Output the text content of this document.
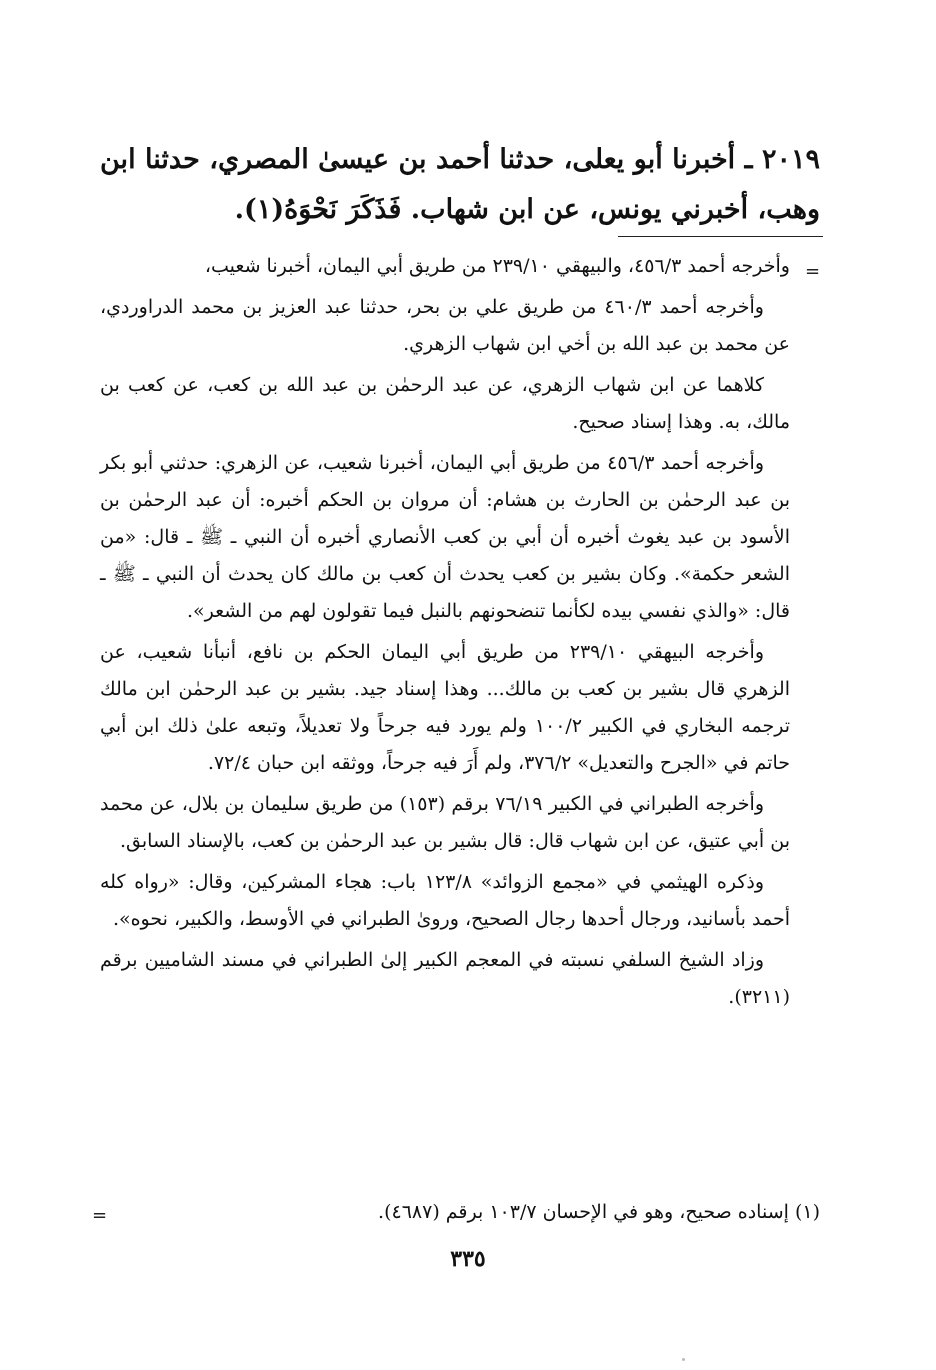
٢٠١٩ ـ أخبرنا أبو يعلى، حدثنا أحمد بن عيسىٰ المصري، حدثنا ابن وهب، أخبرني يونس، عن ابن شهاب. فَذَكَرَ نَحْوَهُ(١).
=

وأخرجه أحمد ٤٥٦/٣، والبيهقي ٢٣٩/١٠ من طريق أبي اليمان، أخبرنا شعيب،

وأخرجه أحمد ٤٦٠/٣ من طريق علي بن بحر، حدثنا عبد العزيز بن محمد الدراوردي، عن محمد بن عبد الله بن أخي ابن شهاب الزهري.

كلاهما عن ابن شهاب الزهري، عن عبد الرحمٰن بن عبد الله بن كعب، عن كعب بن مالك، به. وهذا إسناد صحيح.

وأخرجه أحمد ٤٥٦/٣ من طريق أبي اليمان، أخبرنا شعيب، عن الزهري: حدثني أبو بكر بن عبد الرحمٰن بن الحارث بن هشام: أن مروان بن الحكم أخبره: أن عبد الرحمٰن بن الأسود بن عبد يغوث أخبره أن أبي بن كعب الأنصاري أخبره أن النبي ـ ﷺ ـ قال: «من الشعر حكمة». وكان بشير بن كعب يحدث أن كعب بن مالك كان يحدث أن النبي ـ ﷺ ـ قال: «والذي نفسي بيده لكأنما تنضحونهم بالنبل فيما تقولون لهم من الشعر».

وأخرجه البيهقي ٢٣٩/١٠ من طريق أبي اليمان الحكم بن نافع، أنبأنا شعيب، عن الزهري قال بشير بن كعب بن مالك... وهذا إسناد جيد. بشير بن عبد الرحمٰن ابن مالك ترجمه البخاري في الكبير ١٠٠/٢ ولم يورد فيه جرحاً ولا تعديلاً، وتبعه علىٰ ذلك ابن أبي حاتم في «الجرح والتعديل» ٣٧٦/٢، ولم أَرَ فيه جرحاً، ووثقه ابن حبان ٧٢/٤.

وأخرجه الطبراني في الكبير ٧٦/١٩ برقم (١٥٣) من طريق سليمان بن بلال، عن محمد بن أبي عتيق، عن ابن شهاب قال: قال بشير بن عبد الرحمٰن بن كعب، بالإسناد السابق.

وذكره الهيثمي في «مجمع الزوائد» ١٢٣/٨ باب: هجاء المشركين، وقال: «رواه كله أحمد بأسانيد، ورجال أحدها رجال الصحيح، وروىٰ الطبراني في الأوسط، والكبير، نحوه».

وزاد الشيخ السلفي نسبته في المعجم الكبير إلىٰ الطبراني في مسند الشاميين برقم (٣٢١١).

(١) إسناده صحيح، وهو في الإحسان ١٠٣/٧ برقم (٤٦٨٧).
=
٣٣٥
